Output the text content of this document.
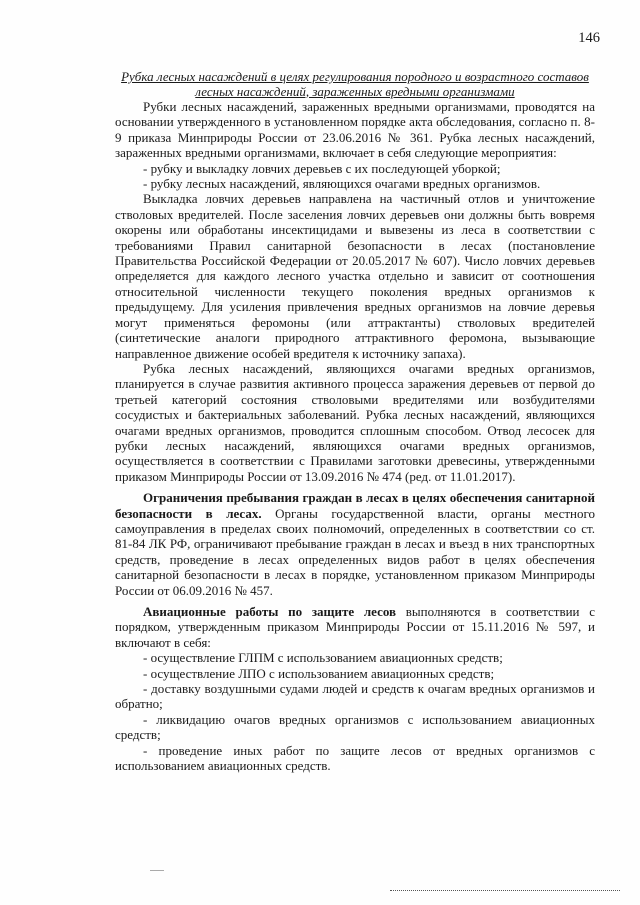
146

Рубка лесных насаждений в целях регулирования породного и возрастного составов лесных насаждений, зараженных вредными организмами

Рубки лесных насаждений, зараженных вредными организмами, проводятся на основании утвержденного в установленном порядке акта обследования, согласно п. 8-9 приказа Минприроды России от 23.06.2016 № 361. Рубка лесных насаждений, зараженных вредными организмами, включает в себя следующие мероприятия:

- рубку и выкладку ловчих деревьев с их последующей уборкой;

- рубку лесных насаждений, являющихся очагами вредных организмов.

Выкладка ловчих деревьев направлена на частичный отлов и уничтожение стволовых вредителей. После заселения ловчих деревьев они должны быть вовремя окорены или обработаны инсектицидами и вывезены из леса в соответствии с требованиями Правил санитарной безопасности в лесах (постановление Правительства Российской Федерации от 20.05.2017 № 607). Число ловчих деревьев определяется для каждого лесного участка отдельно и зависит от соотношения относительной численности текущего поколения вредных организмов к предыдущему. Для усиления привлечения вредных организмов на ловчие деревья могут применяться феромоны (или аттрактанты) стволовых вредителей (синтетические аналоги природного аттрактивного феромона, вызывающие направленное движение особей вредителя к источнику запаха).

Рубка лесных насаждений, являющихся очагами вредных организмов, планируется в случае развития активного процесса заражения деревьев от первой до третьей категорий состояния стволовыми вредителями или возбудителями сосудистых и бактериальных заболеваний. Рубка лесных насаждений, являющихся очагами вредных организмов, проводится сплошным способом. Отвод лесосек для рубки лесных насаждений, являющихся очагами вредных организмов, осуществляется в соответствии с Правилами заготовки древесины, утвержденными приказом Минприроды России от 13.09.2016 № 474 (ред. от 11.01.2017).

Ограничения пребывания граждан в лесах в целях обеспечения санитарной безопасности в лесах. Органы государственной власти, органы местного самоуправления в пределах своих полномочий, определенных в соответствии со ст. 81-84 ЛК РФ, ограничивают пребывание граждан в лесах и въезд в них транспортных средств, проведение в лесах определенных видов работ в целях обеспечения санитарной безопасности в лесах в порядке, установленном приказом Минприроды России от 06.09.2016 № 457.

Авиационные работы по защите лесов выполняются в соответствии с порядком, утвержденным приказом Минприроды России от 15.11.2016 № 597, и включают в себя:

- осуществление ГЛПМ с использованием авиационных средств;

- осуществление ЛПО с использованием авиационных средств;

- доставку воздушными судами людей и средств к очагам вредных организмов и обратно;

- ликвидацию очагов вредных организмов с использованием авиационных средств;

- проведение иных работ по защите лесов от вредных организмов с использованием авиационных средств.
